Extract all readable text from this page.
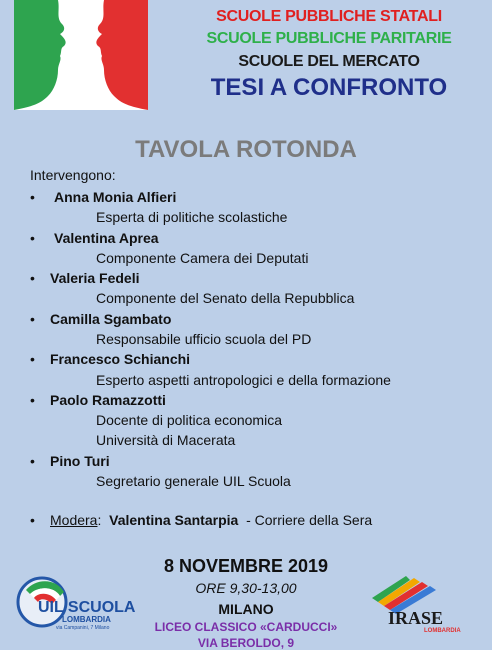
SCUOLE PUBBLICHE STATALI
SCUOLE PUBBLICHE PARITARIE
SCUOLE DEL MERCATO
TESI A CONFRONTO
TAVOLA ROTONDA
Intervengono:
• Anna Monia Alfieri
Esperta di politiche scolastiche
• Valentina Aprea
Componente Camera dei Deputati
• Valeria Fedeli
Componente del Senato della Repubblica
• Camilla Sgambato
Responsabile ufficio scuola del PD
• Francesco Schianchi
Esperto aspetti antropologici e della formazione
• Paolo Ramazzotti
Docente di politica economica
Università di Macerata
• Pino Turi
Segretario generale UIL Scuola
• Modera:  Valentina Santarpia - Corriere della Sera
8 NOVEMBRE 2019
ORE 9,30-13,00
MILANO
LICEO CLASSICO «CARDUCCI»
VIA BEROLDO, 9
UIL SCUOLA
LOMBARDIA
via Campanini, 7 Milano	IRASE
LOMBARDIA
